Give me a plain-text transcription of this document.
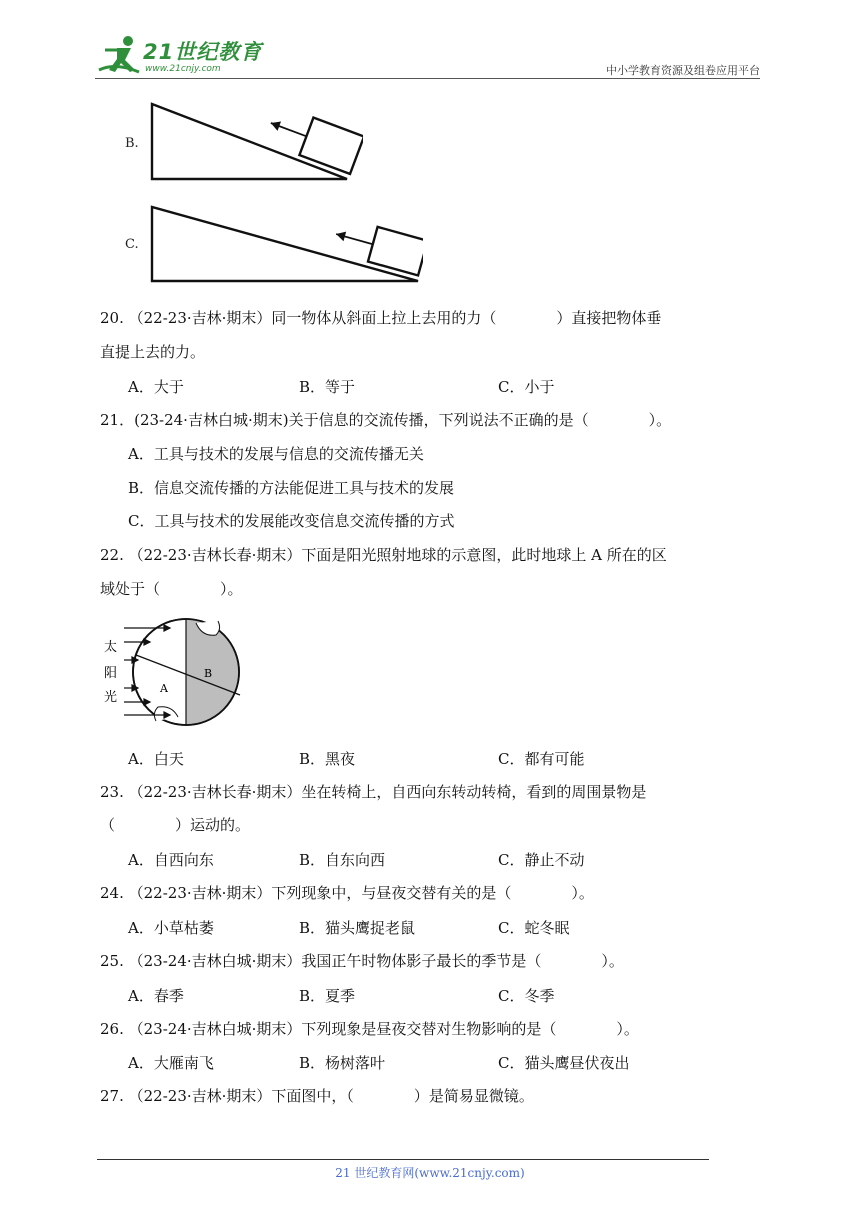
21世纪教育
www.21cnjy.com	中小学教育资源及组卷应用平台
B.
C.
20. （22-23·吉林·期末）同一物体从斜面上拉上去用的力（　　　　）直接把物体垂
直提上去的力。
A．大于	B．等于	C．小于
21．(23-24·吉林白城·期末)关于信息的交流传播，下列说法不正确的是（　　　　）。
A．工具与技术的发展与信息的交流传播无关
B．信息交流传播的方法能促进工具与技术的发展
C．工具与技术的发展能改变信息交流传播的方式
22. （22-23·吉林长春·期末）下面是阳光照射地球的示意图，此时地球上 A 所在的区
域处于（　　　　）。
太
阳
光
A
B
A．白天	B．黑夜	C．都有可能
23. （22-23·吉林长春·期末）坐在转椅上，自西向东转动转椅，看到的周围景物是
（　　　　）运动的。
A．自西向东	B．自东向西	C．静止不动
24. （22-23·吉林·期末）下列现象中，与昼夜交替有关的是（　　　　）。
A．小草枯萎	B．猫头鹰捉老鼠	C．蛇冬眠
25. （23-24·吉林白城·期末）我国正午时物体影子最长的季节是（　　　　）。
A．春季	B．夏季	C．冬季
26. （23-24·吉林白城·期末）下列现象是昼夜交替对生物影响的是（　　　　）。
A．大雁南飞	B．杨树落叶	C．猫头鹰昼伏夜出
27. （22-23·吉林·期末）下面图中，（　　　　）是简易显微镜。
21 世纪教育网(www.21cnjy.com)
